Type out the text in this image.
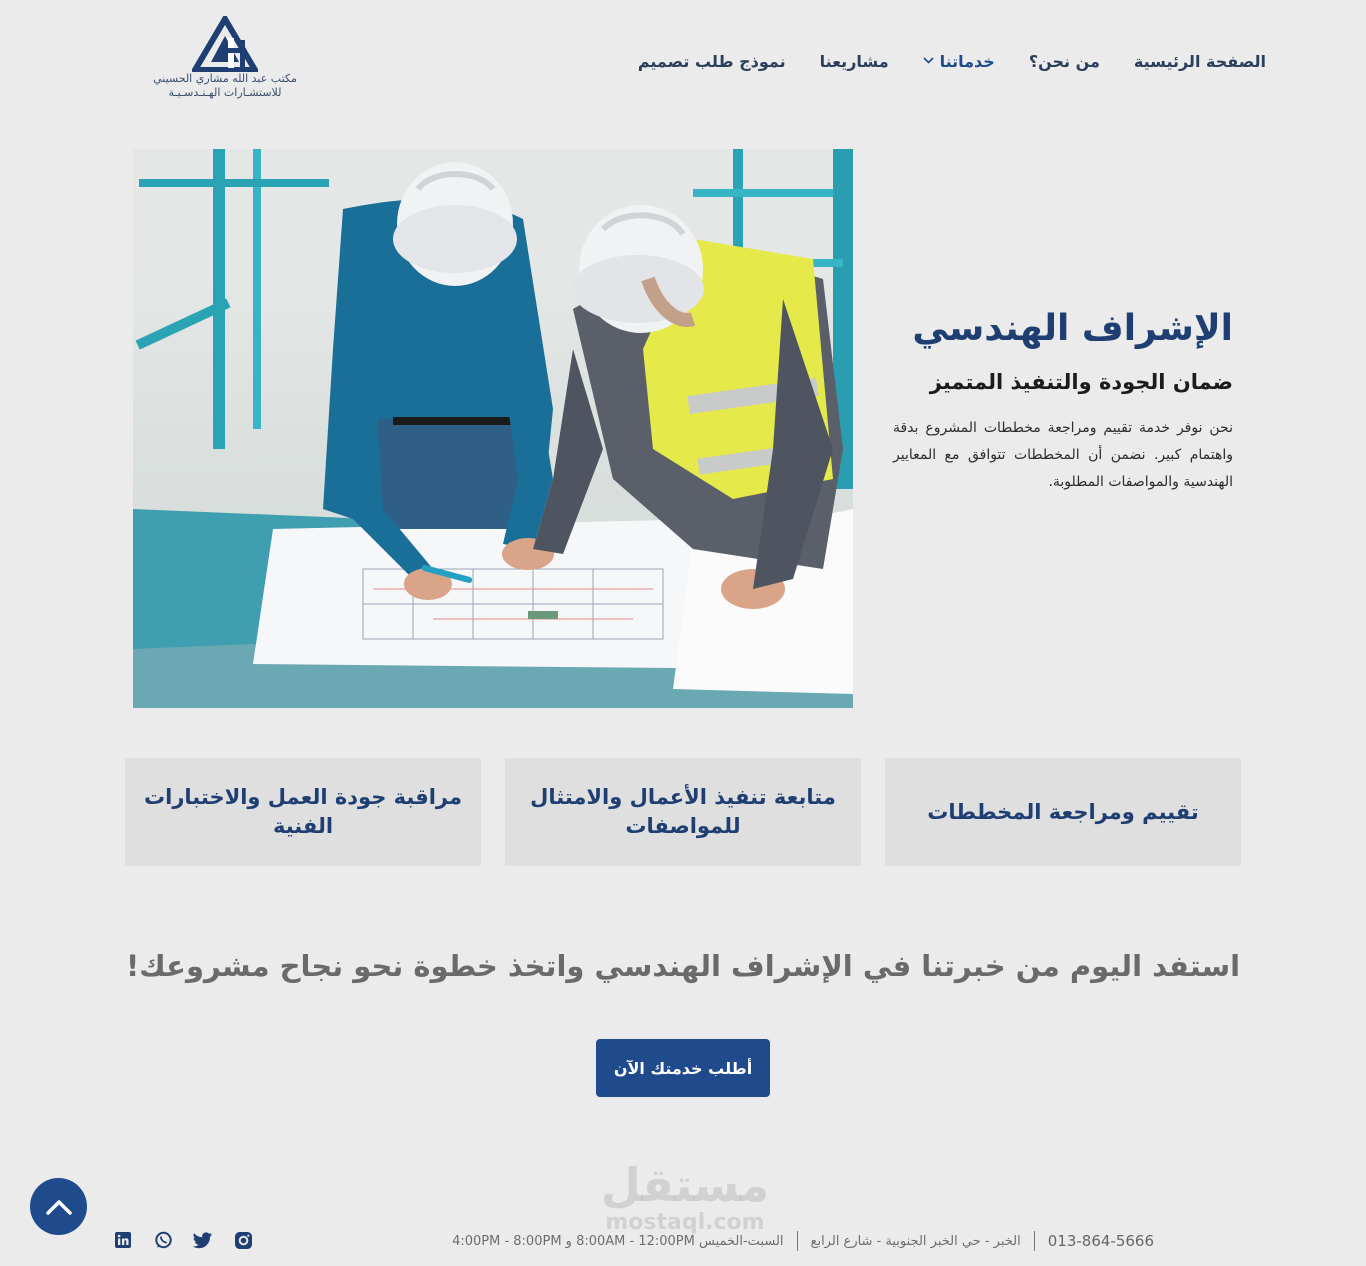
الصفحة الرئيسية
من نحن؟
خدماتنا
مشاريعنا
نموذج طلب تصميم
مكتب عبد الله مشاري الحسيني
للاستشـارات الهـنـدسـيـة
الإشراف الهندسي
ضمان الجودة والتنفيذ المتميز

نحن نوفر خدمة تقييم ومراجعة مخططات المشروع بدقة واهتمام كبير. نضمن أن المخططات تتوافق مع المعايير الهندسية والمواصفات المطلوبة.

تقييم ومراجعة المخططات
متابعة تنفيذ الأعمال والامتثال للمواصفات
مراقبة جودة العمل والاختبارات الفنية
استفد اليوم من خبرتنا في الإشراف الهندسي واتخذ خطوة نحو نجاح مشروعك!
أطلب خدمتك الآن
مستقل
mostaql.com
013-864-5666
الخبر - حي الخبر الجنوبية - شارع الرابع
السبت-الخميس 8:00AM - 12:00PM و 4:00PM - 8:00PM
